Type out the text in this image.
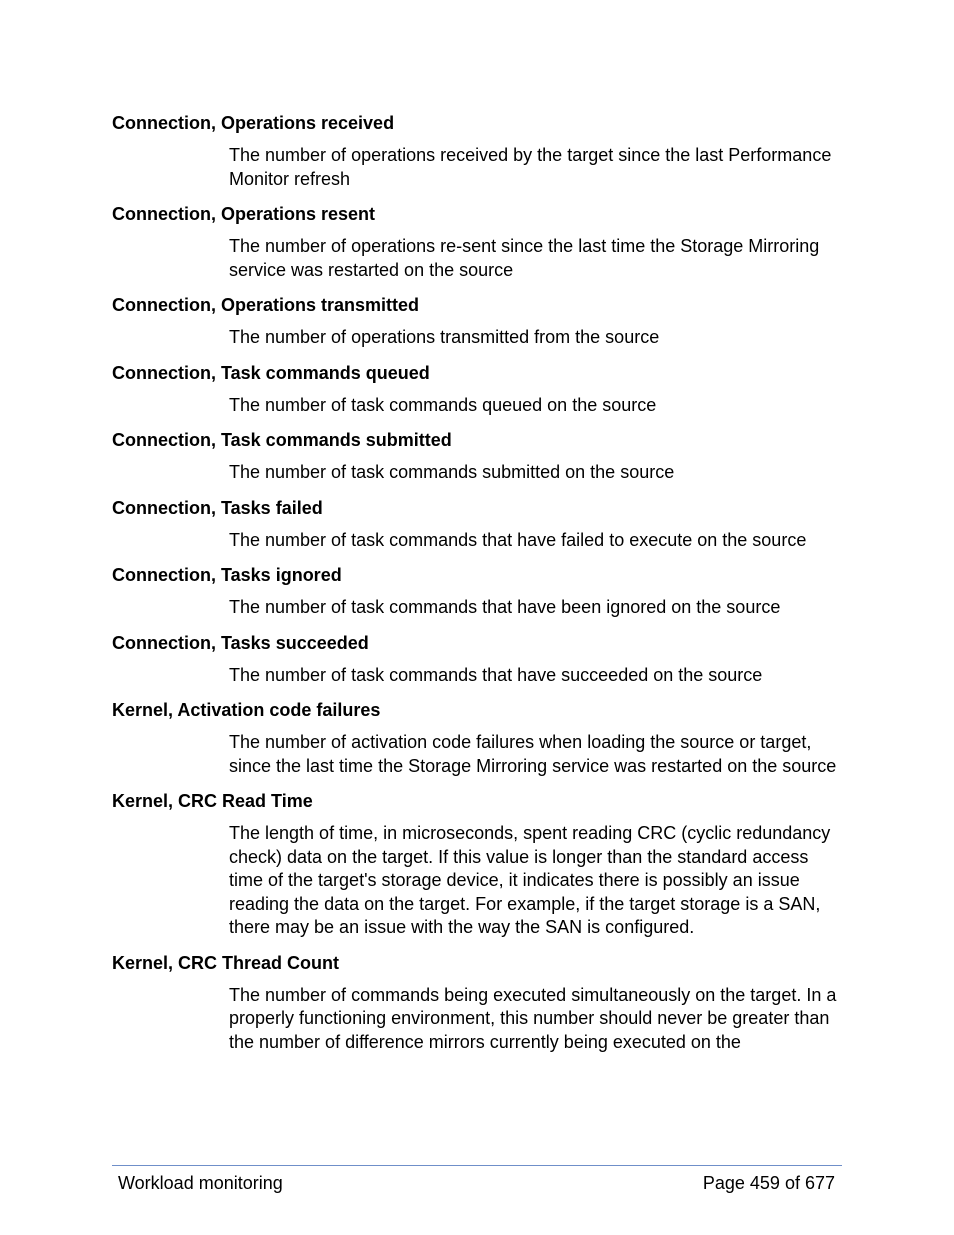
Connection, Operations received

The number of operations received by the target since the last Performance Monitor refresh

Connection, Operations resent

The number of operations re-sent since the last time the Storage Mirroring service was restarted on the source

Connection, Operations transmitted

The number of operations transmitted from the source

Connection, Task commands queued

The number of task commands queued on the source

Connection, Task commands submitted

The number of task commands submitted on the source

Connection, Tasks failed

The number of task commands that have failed to execute on the source

Connection, Tasks ignored

The number of task commands that have been ignored on the source

Connection, Tasks succeeded

The number of task commands that have succeeded on the source

Kernel, Activation code failures

The number of activation code failures when loading the source or target, since the last time the Storage Mirroring service was restarted on the source

Kernel, CRC Read Time

The length of time, in microseconds, spent reading CRC (cyclic redundancy check) data on the target. If this value is longer than the standard access time of the target's storage device, it indicates there is possibly an issue reading the data on the target. For example, if the target storage is a SAN, there may be an issue with the way the SAN is configured.

Kernel, CRC Thread Count

The number of commands being executed simultaneously on the target. In a properly functioning environment, this number should never be greater than the number of difference mirrors currently being executed on the

Workload monitoring	Page 459 of 677
